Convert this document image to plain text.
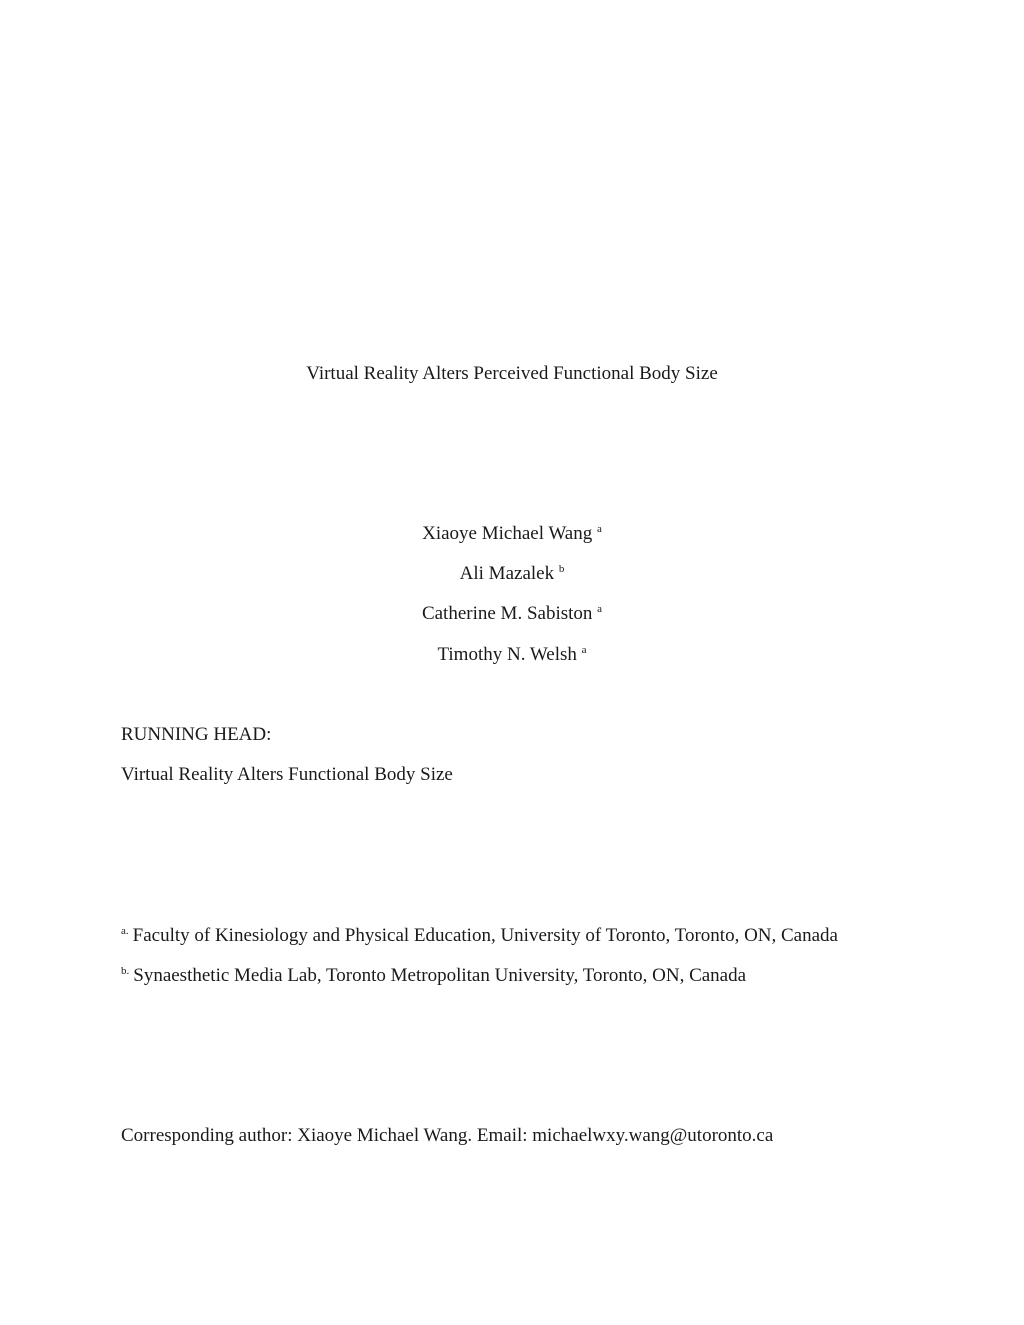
Virtual Reality Alters Perceived Functional Body Size
Xiaoye Michael Wang $^a$
Ali Mazalek $^b$
Catherine M. Sabiston $^a$
Timothy N. Welsh $^a$
RUNNING HEAD:
Virtual Reality Alters Functional Body Size
$^{a.}$ Faculty of Kinesiology and Physical Education, University of Toronto, Toronto, ON, Canada
$^{b.}$ Synaesthetic Media Lab, Toronto Metropolitan University, Toronto, ON, Canada
Corresponding author: Xiaoye Michael Wang. Email: michaelwxy.wang@utoronto.ca
